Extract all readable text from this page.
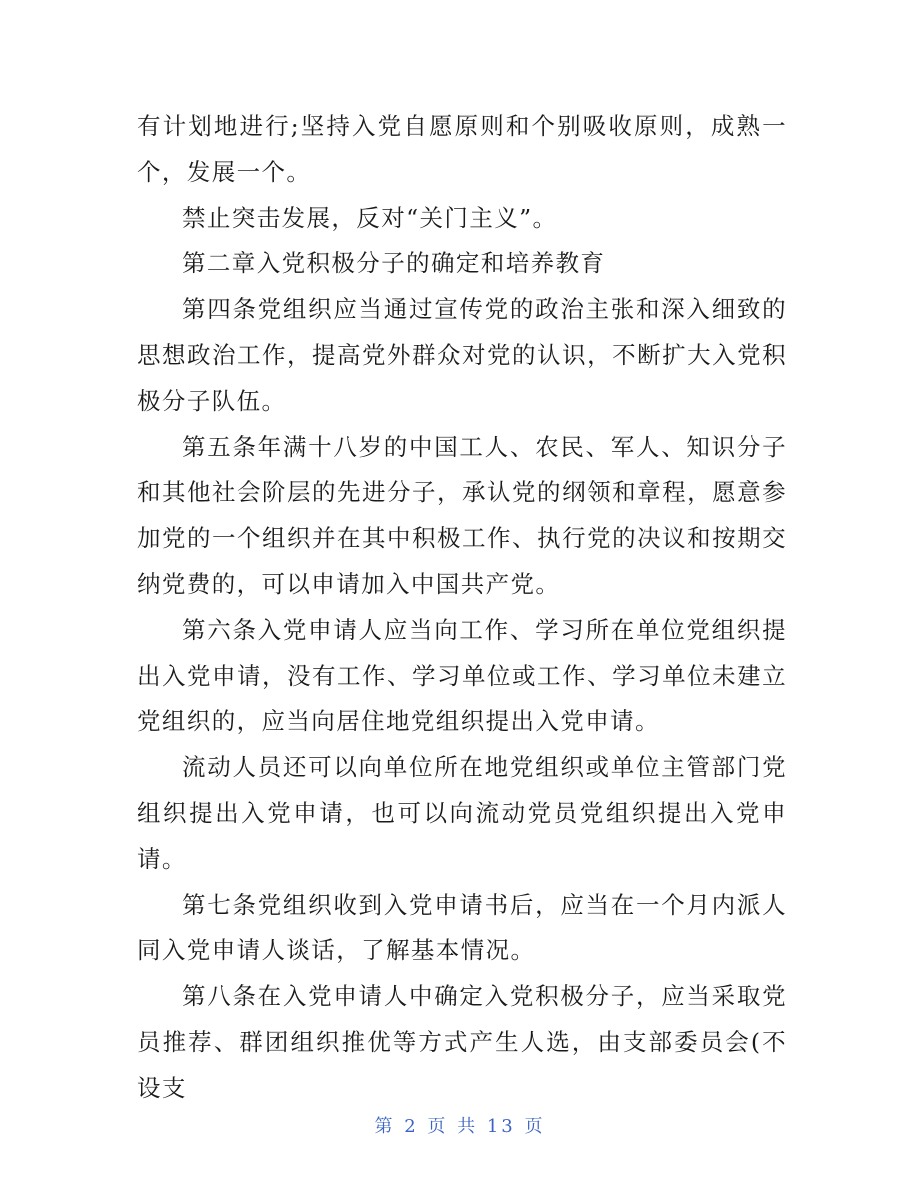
有计划地进行;坚持入党自愿原则和个别吸收原则，成熟一个，发展一个。

禁止突击发展，反对“关门主义”。

第二章入党积极分子的确定和培养教育

第四条党组织应当通过宣传党的政治主张和深入细致的思想政治工作，提高党外群众对党的认识，不断扩大入党积极分子队伍。

第五条年满十八岁的中国工人、农民、军人、知识分子和其他社会阶层的先进分子，承认党的纲领和章程，愿意参加党的一个组织并在其中积极工作、执行党的决议和按期交纳党费的，可以申请加入中国共产党。

第六条入党申请人应当向工作、学习所在单位党组织提出入党申请，没有工作、学习单位或工作、学习单位未建立党组织的，应当向居住地党组织提出入党申请。

流动人员还可以向单位所在地党组织或单位主管部门党组织提出入党申请，也可以向流动党员党组织提出入党申请。

第七条党组织收到入党申请书后，应当在一个月内派人同入党申请人谈话，了解基本情况。

第八条在入党申请人中确定入党积极分子，应当采取党员推荐、群团组织推优等方式产生人选，由支部委员会(不设支

第 2 页 共 13 页
